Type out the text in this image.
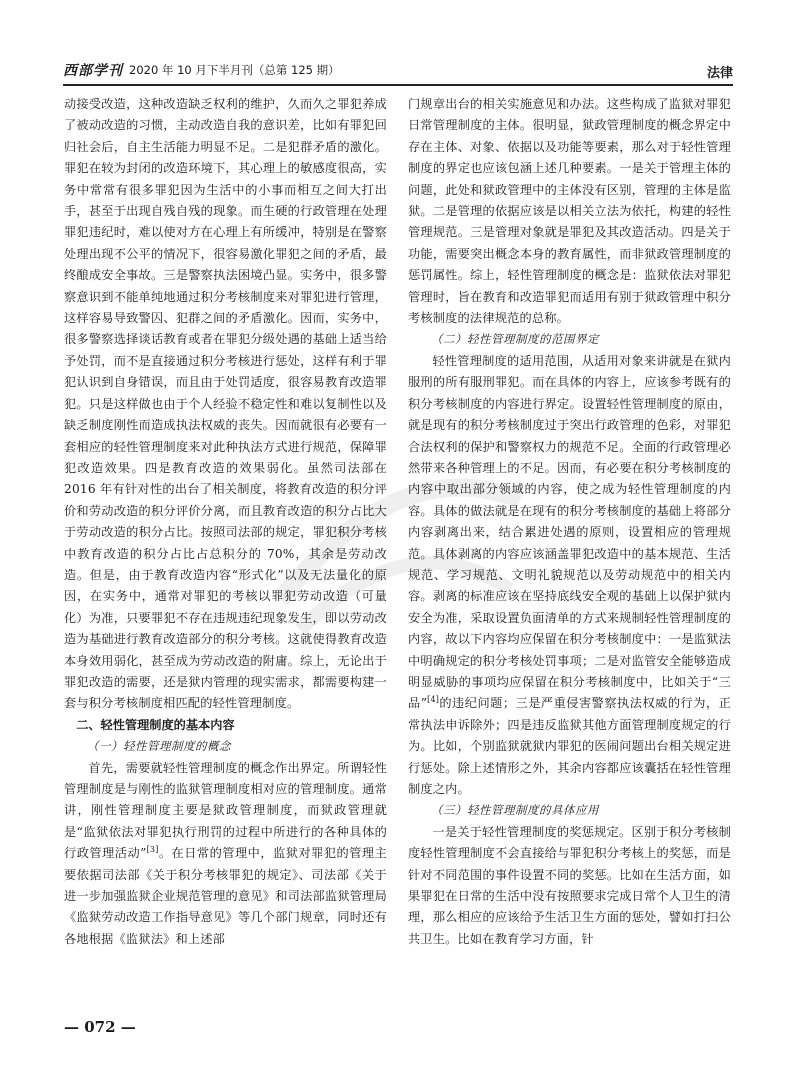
西部学刊 2020 年 10 月下半月刊（总第 125 期）	法律

动接受改造，这种改造缺乏权利的维护，久而久之罪犯养成了被动改造的习惯，主动改造自我的意识差，比如有罪犯回归社会后，自主生活能力明显不足。二是犯群矛盾的激化。罪犯在较为封闭的改造环境下，其心理上的敏感度很高，实务中常常有很多罪犯因为生活中的小事而相互之间大打出手，甚至于出现自残自残的现象。而生硬的行政管理在处理罪犯违纪时，难以使对方在心理上有所缓冲，特别是在警察处理出现不公平的情况下，很容易激化罪犯之间的矛盾，最终酿成安全事故。三是警察执法困境凸显。实务中，很多警察意识到不能单纯地通过积分考核制度来对罪犯进行管理，这样容易导致警囚、犯群之间的矛盾激化。因而，实务中，很多警察选择谈话教育或者在罪犯分级处遇的基础上适当给予处罚，而不是直接通过积分考核进行惩处，这样有利于罪犯认识到自身错误，而且由于处罚适度，很容易教育改造罪犯。只是这样做也由于个人经验不稳定性和难以复制性以及缺乏制度刚性而造成执法权威的丧失。因而就很有必要有一套相应的轻性管理制度来对此种执法方式进行规范，保障罪犯改造效果。四是教育改造的效果弱化。虽然司法部在 2016 年有针对性的出台了相关制度，将教育改造的积分评价和劳动改造的积分评价分离，而且教育改造的积分占比大于劳动改造的积分占比。按照司法部的规定，罪犯积分考核中教育改造的积分占比占总积分的 70%，其余是劳动改造。但是，由于教育改造内容“形式化”以及无法量化的原因，在实务中，通常对罪犯的考核以罪犯劳动改造（可量化）为准，只要罪犯不存在违规违纪现象发生，即以劳动改造为基础进行教育改造部分的积分考核。这就使得教育改造本身效用弱化，甚至成为劳动改造的附庸。综上，无论出于罪犯改造的需要，还是狱内管理的现实需求，都需要构建一套与积分考核制度相匹配的轻性管理制度。

二、轻性管理制度的基本内容
（一）轻性管理制度的概念

首先，需要就轻性管理制度的概念作出界定。所谓轻性管理制度是与刚性的监狱管理制度相对应的管理制度。通常讲，刚性管理制度主要是狱政管理制度，而狱政管理就是“监狱依法对罪犯执行刑罚的过程中所进行的各种具体的行政管理活动”[3]。在日常的管理中，监狱对罪犯的管理主要依据司法部《关于积分考核罪犯的规定》、司法部《关于进一步加强监狱企业规范管理的意见》和司法部监狱管理局《监狱劳动改造工作指导意见》等几个部门规章，同时还有各地根据《监狱法》和上述部

门规章出台的相关实施意见和办法。这些构成了监狱对罪犯日常管理制度的主体。很明显，狱政管理制度的概念界定中存在主体、对象、依据以及功能等要素，那么对于轻性管理制度的界定也应该包涵上述几种要素。一是关于管理主体的问题，此处和狱政管理中的主体没有区别，管理的主体是监狱。二是管理的依据应该是以相关立法为依托，构建的轻性管理规范。三是管理对象就是罪犯及其改造活动。四是关于功能，需要突出概念本身的教育属性，而非狱政管理制度的惩罚属性。综上，轻性管理制度的概念是：监狱依法对罪犯管理时，旨在教育和改造罪犯而适用有别于狱政管理中积分考核制度的法律规范的总称。

（二）轻性管理制度的范围界定

轻性管理制度的适用范围，从适用对象来讲就是在狱内服刑的所有服刑罪犯。而在具体的内容上，应该参考既有的积分考核制度的内容进行界定。设置轻性管理制度的原由，就是现有的积分考核制度过于突出行政管理的色彩，对罪犯合法权利的保护和警察权力的规范不足。全面的行政管理必然带来各种管理上的不足。因而，有必要在积分考核制度的内容中取出部分领域的内容，使之成为轻性管理制度的内容。具体的做法就是在现有的积分考核制度的基础上将部分内容剥离出来，结合累进处遇的原则，设置相应的管理规范。具体剥离的内容应该涵盖罪犯改造中的基本规范、生活规范、学习规范、文明礼貌规范以及劳动规范中的相关内容。剥离的标准应该在坚持底线安全观的基础上以保护狱内安全为准，采取设置负面清单的方式来规制轻性管理制度的内容，故以下内容均应保留在积分考核制度中：一是监狱法中明确规定的积分考核处罚事项；二是对监管安全能够造成明显威胁的事项均应保留在积分考核制度中，比如关于“三品”[4]的违纪问题；三是严重侵害警察执法权威的行为，正常执法申诉除外；四是违反监狱其他方面管理制度规定的行为。比如，个别监狱就狱内罪犯的医闹问题出台相关规定进行惩处。除上述情形之外，其余内容都应该囊括在轻性管理制度之内。

（三）轻性管理制度的具体应用

一是关于轻性管理制度的奖惩规定。区别于积分考核制度轻性管理制度不会直接给与罪犯积分考核上的奖惩，而是针对不同范围的事件设置不同的奖惩。比如在生活方面，如果罪犯在日常的生活中没有按照要求完成日常个人卫生的清理，那么相应的应该给予生活卫生方面的惩处，譬如打扫公共卫生。比如在教育学习方面，针

— 072 —
